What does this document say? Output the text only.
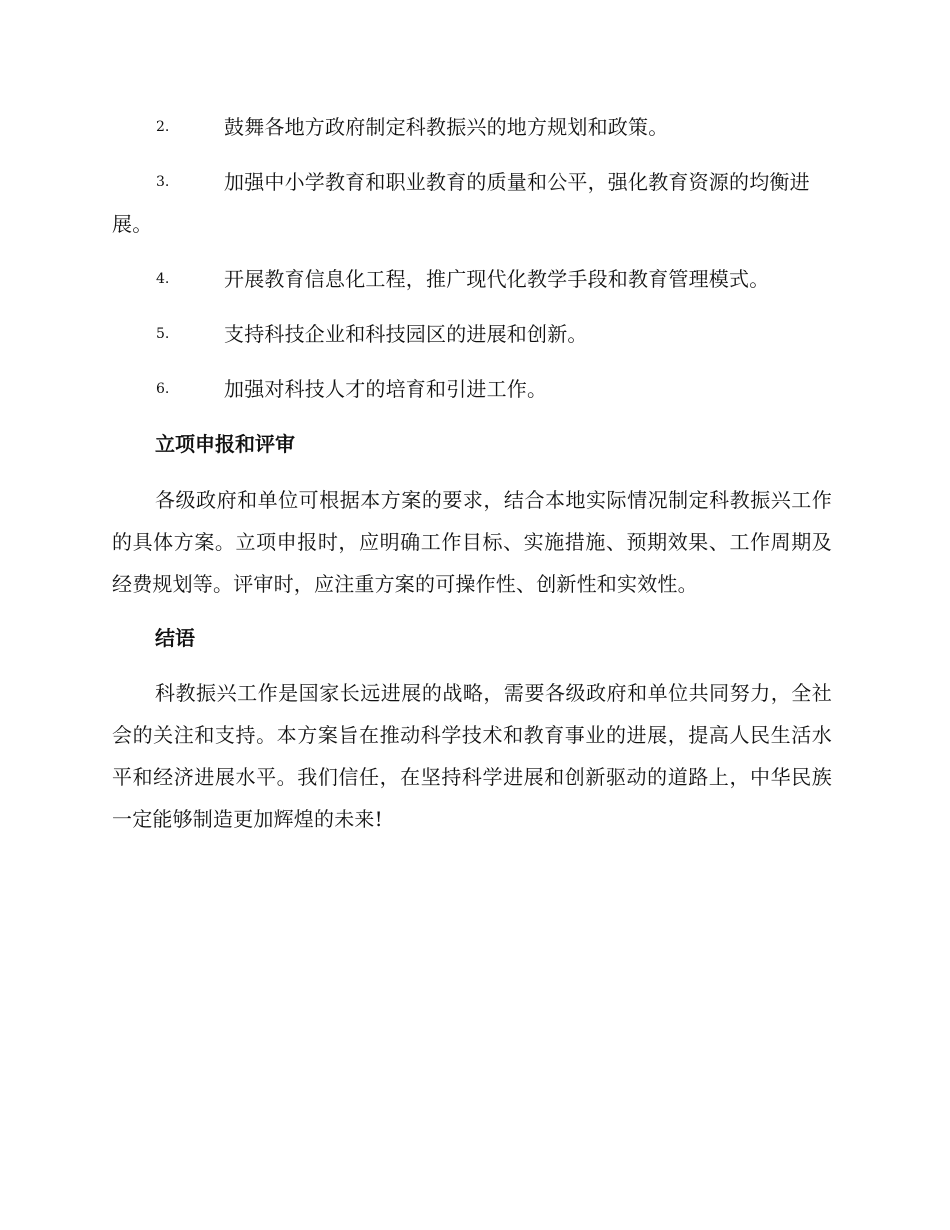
2.	鼓舞各地方政府制定科教振兴的地方规划和政策。
3.	加强中小学教育和职业教育的质量和公平，强化教育资源的均衡进展。
4.	开展教育信息化工程，推广现代化教学手段和教育管理模式。
5.	支持科技企业和科技园区的进展和创新。
6.	加强对科技人才的培育和引进工作。
立项申报和评审
各级政府和单位可根据本方案的要求，结合本地实际情况制定科教振兴工作的具体方案。立项申报时，应明确工作目标、实施措施、预期效果、工作周期及经费规划等。评审时，应注重方案的可操作性、创新性和实效性。
结语
科教振兴工作是国家长远进展的战略，需要各级政府和单位共同努力，全社会的关注和支持。本方案旨在推动科学技术和教育事业的进展，提高人民生活水平和经济进展水平。我们信任，在坚持科学进展和创新驱动的道路上，中华民族一定能够制造更加辉煌的未来!
